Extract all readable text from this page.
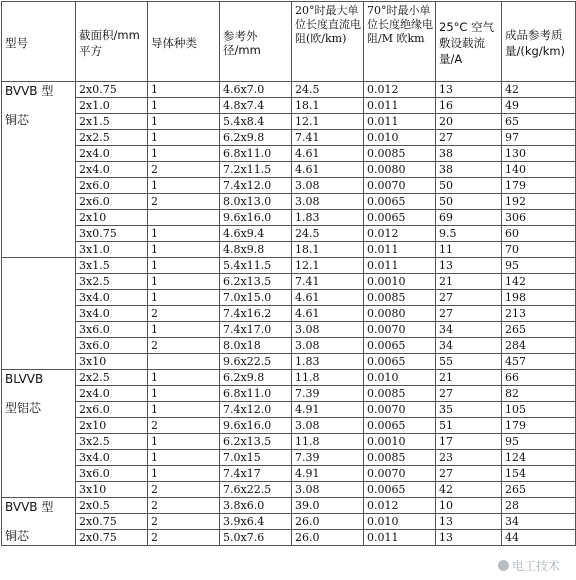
型号	截面积/mm 平方	导体种类	参考外径/mm	20°时最大单位长度直流电阻(欧/km)	70°时最小单位长度绝缘电阻/M 欧km	25°C 空气敷设载流量/A	成品参考质量/(kg/km)
BVVB 型
铜芯	2x0.75	1	4.6x7.0	24.5	0.012	13	42
	2x1.0	1	4.8x7.4	18.1	0.011	16	49
	2x1.5	1	5.4x8.4	12.1	0.011	20	65
	2x2.5	1	6.2x9.8	7.41	0.010	27	97
	2x4.0	1	6.8x11.0	4.61	0.0085	38	130
	2x4.0	2	7.2x11.5	4.61	0.0080	38	140
	2x6.0	1	7.4x12.0	3.08	0.0070	50	179
	2x6.0	2	8.0x13.0	3.08	0.0065	50	192
	2x10		9.6x16.0	1.83	0.0065	69	306
	3x0.75	1	4.6x9.4	24.5	0.012	9.5	60
	3x1.0	1	4.8x9.8	18.1	0.011	11	70

	3x1.5	1	5.4x11.5	12.1	0.011	13	95
	3x2.5	1	6.2x13.5	7.41	0.0010	21	142
	3x4.0	1	7.0x15.0	4.61	0.0085	27	198
	3x4.0	2	7.4x16.2	4.61	0.0080	27	213
	3x6.0	1	7.4x17.0	3.08	0.0070	34	265
	3x6.0	2	8.0x18	3.08	0.0065	34	284
	3x10		9.6x22.5	1.83	0.0065	55	457
BLVVB
型铝芯	2x2.5	1	6.2x9.8	11.8	0.010	21	66
	2x4.0	1	6.8x11.0	7.39	0.0085	27	82
	2x6.0	1	7.4x12.0	4.91	0.0070	35	105
	2x10	2	9.6x16.0	3.08	0.0065	51	179
	3x2.5	1	6.2x13.5	11.8	0.0010	17	95
	3x4.0	1	7.0x15	7.39	0.0085	23	124
	3x6.0	1	7.4x17	4.91	0.0070	27	154
	3x10	2	7.6x22.5	3.08	0.0065	42	265
BVVB 型
铜芯	2x0.5	2	3.8x6.0	39.0	0.012	10	28
	2x0.75	2	3.9x6.4	26.0	0.010	13	34
	2x0.75	2	5.0x7.6	26.0	0.011	13	44
电工技术
